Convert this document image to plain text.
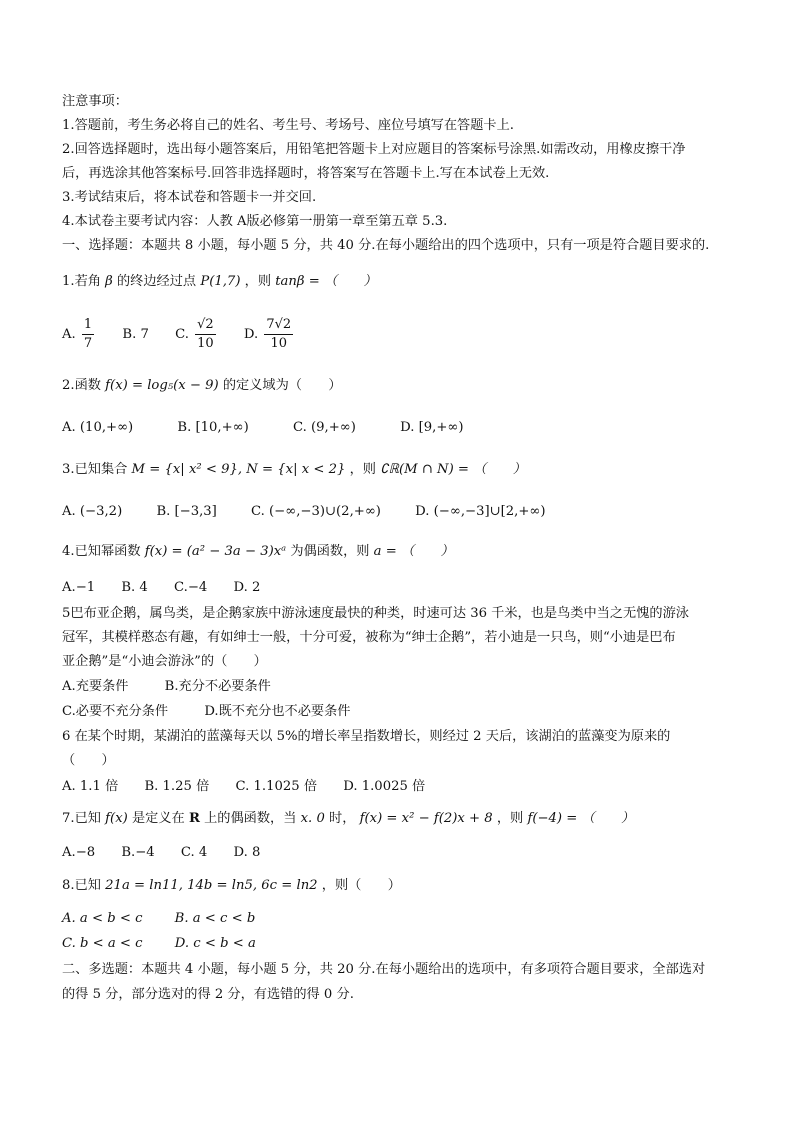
注意事项：
1.答题前，考生务必将自己的姓名、考生号、考场号、座位号填写在答题卡上.
2.回答选择题时，选出每小题答案后，用铅笔把答题卡上对应题目的答案标号涂黑.如需改动，用橡皮擦干净
后，再选涂其他答案标号.回答非选择题时，将答案写在答题卡上.写在本试卷上无效.
3.考试结束后，将本试卷和答题卡一并交回.
4.本试卷主要考试内容：人教 A版必修第一册第一章至第五章 5.3.
一、选择题：本题共 8 小题，每小题 5 分，共 40 分.在每小题给出的四个选项中，只有一项是符合题目要求的.
1.若角 β 的终边经过点 P(1,7) ，则 tanβ = （　　）
A. $\frac{1}{7} B$. 7 C. $\frac{√2}{10} D$. $\frac{7√2}{10}$
2.函数 f(x) = log₅(x − 9) 的定义域为（　　）
A. (10,+∞)	B. [10,+∞)	C. (9,+∞)	D. [9,+∞)
3.已知集合 M = {x| x² < 9}, N = {x| x < 2} ，则 ∁ℝ(M ∩ N) = （　　）
A. (−3,2)	B. [−3,3]	C. (−∞,−3)∪(2,+∞)	D. (−∞,−3]∪[2,+∞)
4.已知幂函数 f(x) = (a² − 3a − 3)xᵃ 为偶函数，则 a = （　　）
A.−1 B. 4 C.−4 D. 2
5巴布亚企鹅，属鸟类，是企鹅家族中游泳速度最快的种类，时速可达 36 千米，也是鸟类中当之无愧的游泳
冠军，其模样憨态有趣，有如绅士一般，十分可爱，被称为“绅士企鹅”，若小迪是一只鸟，则“小迪是巴布
亚企鹅”是“小迪会游泳”的（　　）
A.充要条件	B.充分不必要条件
C.必要不充分条件	D.既不充分也不必要条件
6 在某个时期，某湖泊的蓝藻每天以 5%的增长率呈指数增长，则经过 2 天后，该湖泊的蓝藻变为原来的
（　　）
A. 1.1 倍 B. 1.25 倍 C. 1.1025 倍 D. 1.0025 倍
7.已知 f(x) 是定义在 R 上的偶函数，当 x. 0 时， f(x) = x² − f(2)x + 8 ，则 f(−4) = （　　）
A.−8 B.−4 C. 4 D. 8
8.已知 21a = ln11, 14b = ln5, 6c = ln2 ，则（　　）
A. a < b < c B. a < c < b
C. b < a < c D. c < b < a
二、多选题：本题共 4 小题，每小题 5 分，共 20 分.在每小题给出的选项中，有多项符合题目要求，全部选对
的得 5 分，部分选对的得 2 分，有选错的得 0 分.
